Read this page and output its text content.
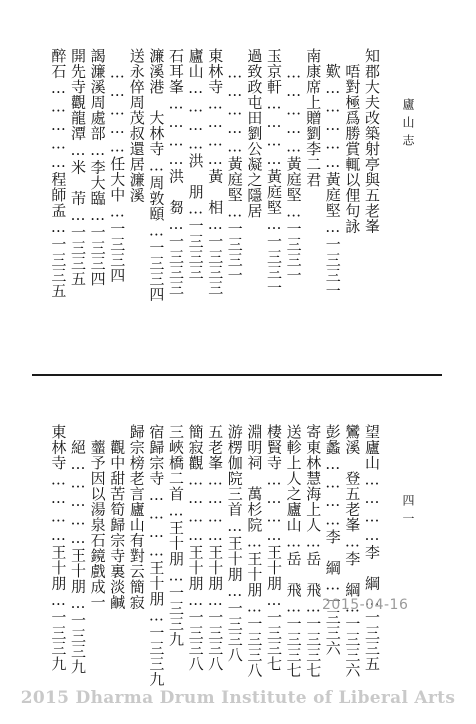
廬山志
四一
知郡大夫改築射亭與五老峯
　唔對極爲勝賞輒以俚句詠
　歎……………黃庭堅…一三三一
南康席上贈劉李二君
　……………黃庭堅…一三三一
玉京軒…………黃庭堅…一三三一
過致政屯田劉公凝之隱居
　……………黃庭堅…一三三一
東林寺…………黃　相…一三三三
廬山…………洪　朋…一三三三
石耳峯…………洪　芻…一三三三
濂溪港　大林寺…周敦頤…一三三四
送永倅周茂叔還居濂溪
　……………任大中…一三三四
謁濂溪周處部…李大臨…一三三四
開先寺觀龍潭…米　芾…一三三五
醉石……………程師孟…一三三五
望廬山…………李　綱…一三三五
鸞溪　登五老峯…李　綱…一三三六
彭蠡…………李　綱…一三三六
寄東林慧海上人…岳　飛…一三三七
送軫上人之廬山…岳　飛…一三三七
棲賢寺…………王十朋…一三三七
淵明祠　萬杉院…王十朋…一三三八
游楞伽院三首…王十朋…一三三八
五老峯…………王十朋…一三三八
簡寂觀…………王十朋…一三三八
三峽橋二首…王十朋…一三三九
宿歸宗寺…………王十朋…一三三九
歸宗榜老言廬山有對云簡寂
　觀中甜苦筍歸宗寺裏淡鹹
　虀予因以湯泉石鏡戲成一
　絕……………王十朋…一三三九
東林寺…………王十朋…一三三九	2015-04-16
2015 Dharma Drum Institute of Liberal Arts
